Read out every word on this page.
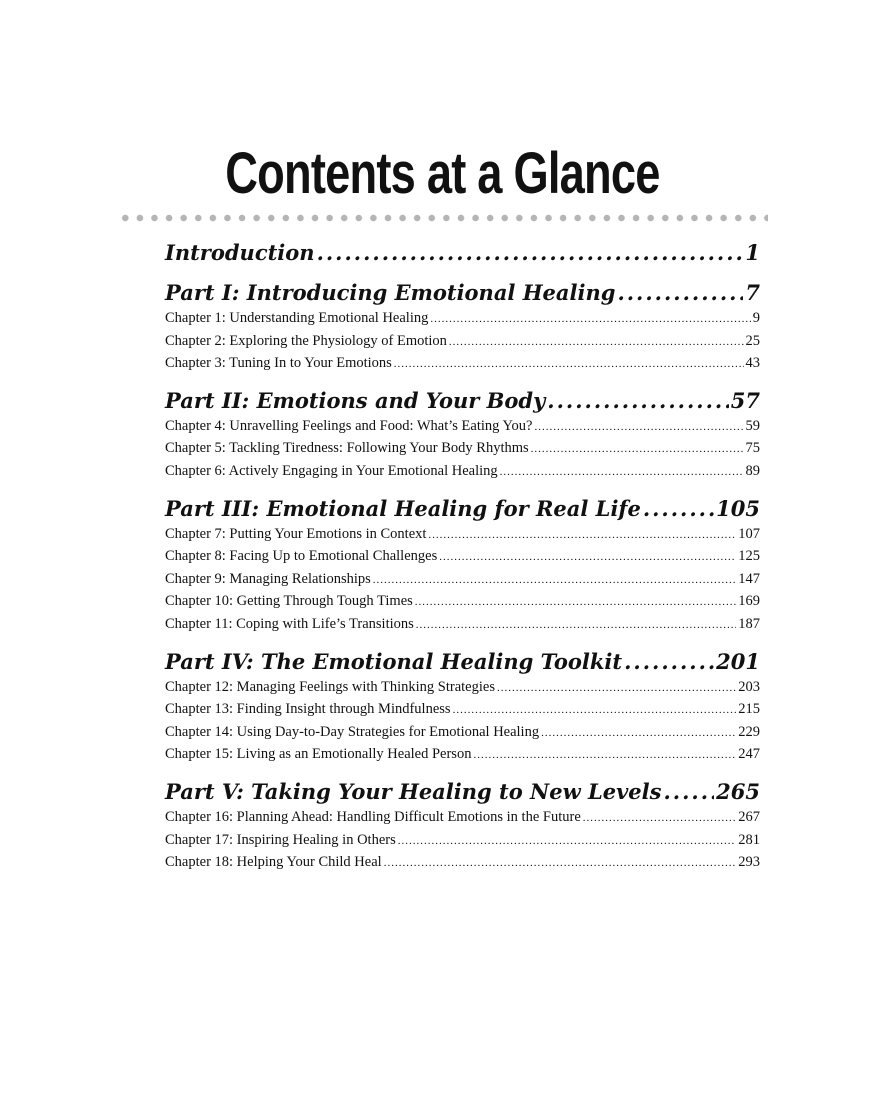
Contents at a Glance
Introduction .....	1
Part I: Introducing Emotional Healing .....	7
Chapter 1: Understanding Emotional Healing .....	9
Chapter 2: Exploring the Physiology of Emotion .....	25
Chapter 3: Tuning In to Your Emotions .....	43
Part II: Emotions and Your Body .....	57
Chapter 4: Unravelling Feelings and Food: What’s Eating You? .....	59
Chapter 5: Tackling Tiredness: Following Your Body Rhythms .....	75
Chapter 6: Actively Engaging in Your Emotional Healing .....	89
Part III: Emotional Healing for Real Life .....	105
Chapter 7: Putting Your Emotions in Context .....	107
Chapter 8: Facing Up to Emotional Challenges .....	125
Chapter 9: Managing Relationships .....	147
Chapter 10: Getting Through Tough Times .....	169
Chapter 11: Coping with Life’s Transitions .....	187
Part IV: The Emotional Healing Toolkit .....	201
Chapter 12: Managing Feelings with Thinking Strategies .....	203
Chapter 13: Finding Insight through Mindfulness .....	215
Chapter 14: Using Day-to-Day Strategies for Emotional Healing .....	229
Chapter 15: Living as an Emotionally Healed Person .....	247
Part V: Taking Your Healing to New Levels .....	265
Chapter 16: Planning Ahead: Handling Difficult Emotions in the Future .....	267
Chapter 17: Inspiring Healing in Others .....	281
Chapter 18: Helping Your Child Heal .....	293
